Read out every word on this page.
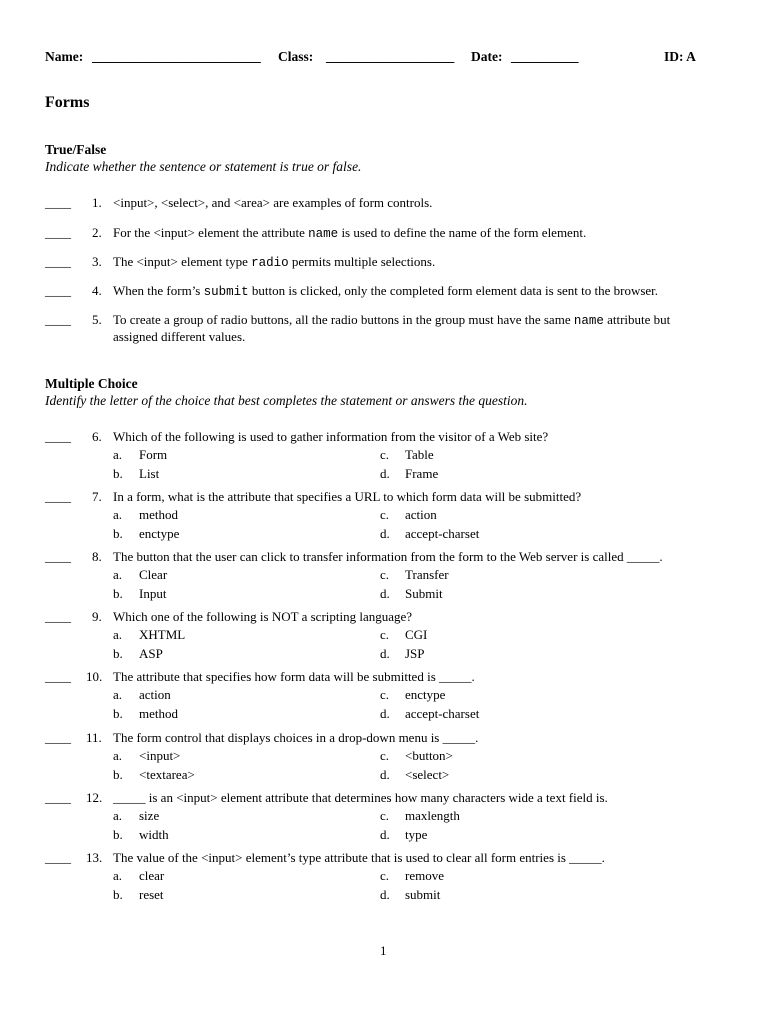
Name: _________________________ Class: ___________________ Date: __________	ID: A
Forms
True/False
Indicate whether the sentence or statement is true or false.
Multiple Choice
Identify the letter of the choice that best completes the statement or answers the question.
1
____ 1. <input>, <select>, and <area> are examples of form controls.
____ 2. For the <input> element the attribute name is used to define the name of the form element.
____ 3. The <input> element type radio permits multiple selections.
____ 4. When the form’s submit button is clicked, only the completed form element data is sent to the browser.
____ 5. To create a group of radio buttons, all the radio buttons in the group must have the same name attribute but
assigned different values.
____ 6. Which of the following is used to gather information from the visitor of a Web site?
a. Form
b. List
c. Table
d. Frame
____ 7. In a form, what is the attribute that specifies a URL to which form data will be submitted?
a. method
b. enctype
c. action
d. accept-charset
____ 8. The button that the user can click to transfer information from the form to the Web server is called _____.
a. Clear
b. Input
c. Transfer
d. Submit
____ 9. Which one of the following is NOT a scripting language?
a. XHTML
b. ASP
c. CGI
d. JSP
____ 10. The attribute that specifies how form data will be submitted is _____.
a. action
b. method
c. enctype
d. accept-charset
____ 11. The form control that displays choices in a drop-down menu is _____.
a. <input>
b. <textarea>
c. <button>
d. <select>
____ 12. _____ is an <input> element attribute that determines how many characters wide a text field is.
a. size
b. width
c. maxlength
d. type
____ 13. The value of the <input> element’s type attribute that is used to clear all form entries is _____.
a. clear
b. reset
c. remove
d. submit
